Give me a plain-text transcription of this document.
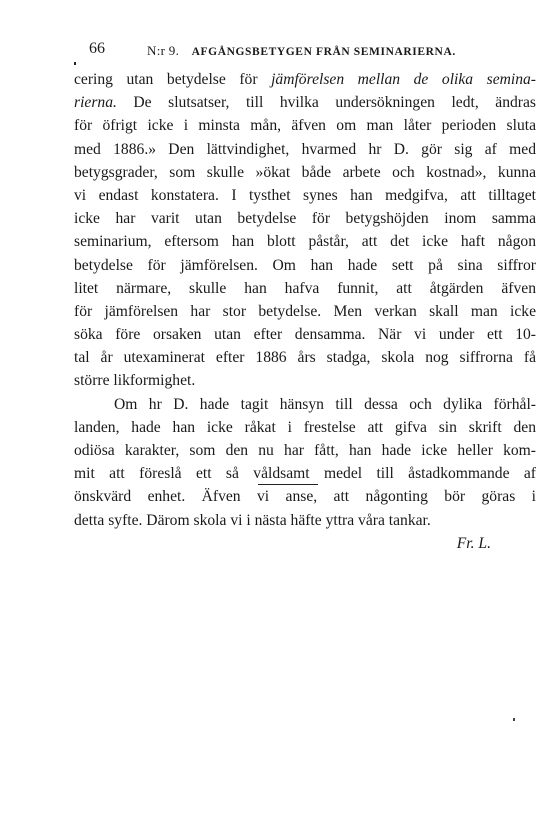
66	N:r 9. AFGÅNGSBETYGEN FRÅN SEMINARIERNA.
cering utan betydelse för jämförelsen mellan de olika semina-
rierna. De slutsatser, till hvilka undersökningen ledt, ändras
för öfrigt icke i minsta mån, äfven om man låter perioden sluta
med 1886.» Den lättvindighet, hvarmed hr D. gör sig af med
betygsgrader, som skulle »ökat både arbete och kostnad», kunna
vi endast konstatera. I tysthet synes han medgifva, att tilltaget
icke har varit utan betydelse för betygshöjden inom samma
seminarium, eftersom han blott påstår, att det icke haft någon
betydelse för jämförelsen. Om han hade sett på sina siffror
litet närmare, skulle han hafva funnit, att åtgärden äfven
för jämförelsen har stor betydelse. Men verkan skall man icke
söka före orsaken utan efter densamma. När vi under ett 10-
tal år utexaminerat efter 1886 års stadga, skola nog siffrorna få
större likformighet.
Om hr D. hade tagit hänsyn till dessa och dylika förhål-
landen, hade han icke råkat i frestelse att gifva sin skrift den
odiösa karakter, som den nu har fått, han hade icke heller kom-
mit att föreslå ett så våldsamt medel till åstadkommande af
önskvärd enhet. Äfven vi anse, att någonting bör göras i
detta syfte. Därom skola vi i nästa häfte yttra våra tankar.
Fr. L.
